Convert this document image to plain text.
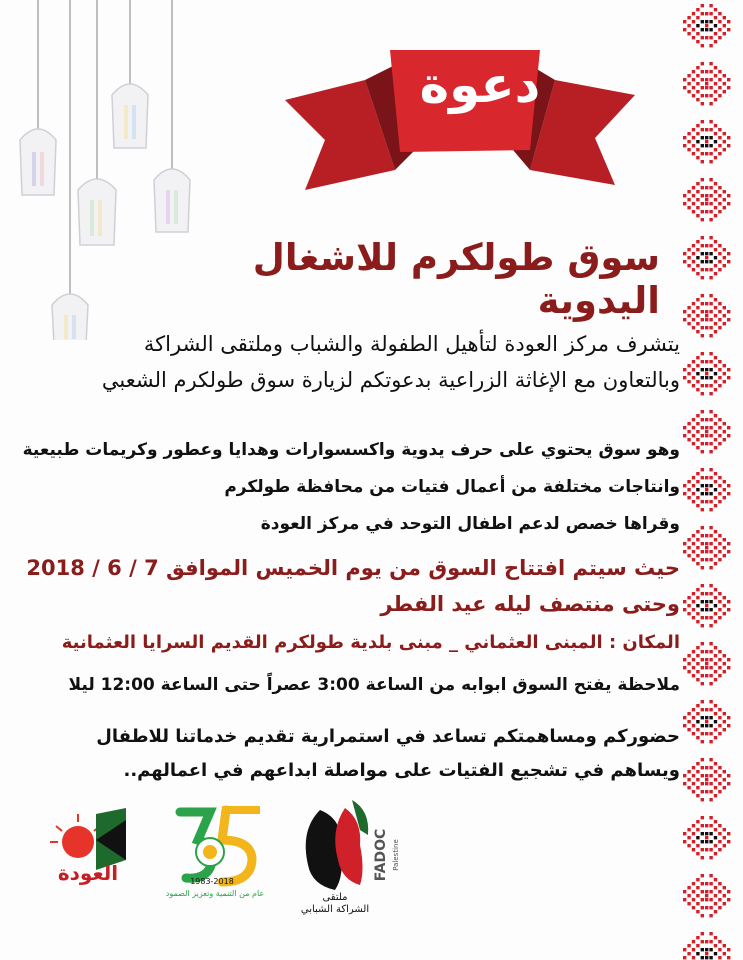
دعوة
سوق طولكرم للاشغال اليدوية
يتشرف مركز العودة لتأهيل الطفولة والشباب وملتقى الشراكة
وبالتعاون مع الإغاثة الزراعية بدعوتكم لزيارة سوق طولكرم الشعبي
وهو سوق يحتوي على حرف يدوية واكسسوارات وهدايا وعطور وكريمات طبيعية
وانتاجات مختلفة من أعمال فتيات من محافظة طولكرم
وقراها خصص لدعم اطفال التوحد في مركز العودة
حيث سيتم افتتاح السوق من يوم الخميس الموافق 7 / 6 / 2018
وحتى منتصف ليله عيد الفطر
المكان : المبنى العثماني _ مبنى بلدية طولكرم القديم السرايا العثمانية
ملاحظة يفتح السوق ابوابه من الساعة 3:00 عصراً حتى الساعة 12:00 ليلا
حضوركم ومساهمتكم تساعد في استمرارية تقديم خدماتنا للاطفال
ويساهم في تشجيع الفتيات على مواصلة ابداعهم في اعمالهم..
العودة	1983-2018
عام من التنمية وتعزيز الصمود
FADOC Palestine
ملتقى
الشراكة الشبابي
